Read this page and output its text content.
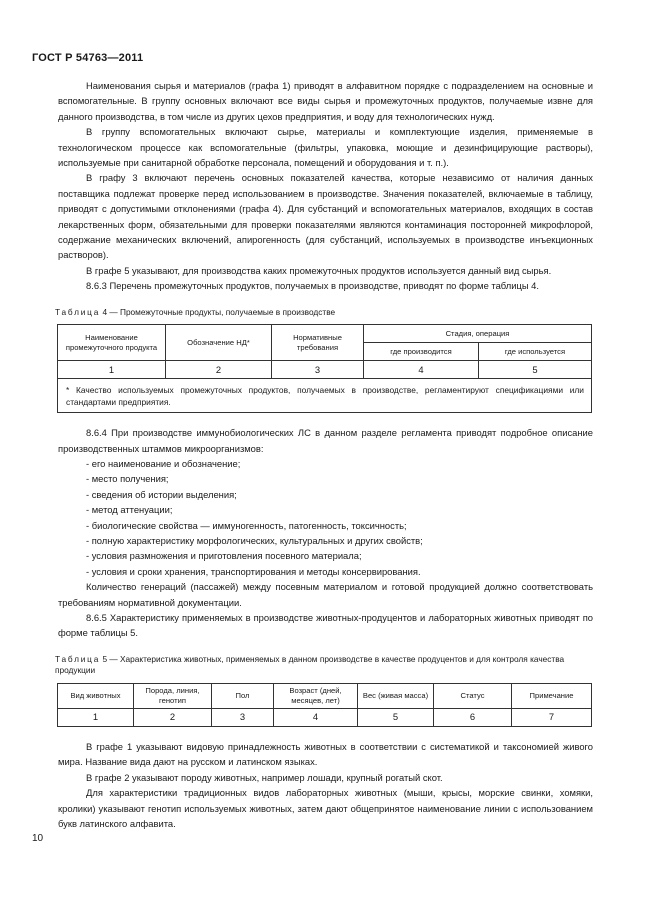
ГОСТ Р 54763—2011

Наименования сырья и материалов (графа 1) приводят в алфавитном порядке с подразделением на основные и вспомогательные. В группу основных включают все виды сырья и промежуточных продуктов, получаемые извне для данного производства, в том числе из других цехов предприятия, и воду для технологических нужд.

В группу вспомогательных включают сырье, материалы и комплектующие изделия, применяемые в технологическом процессе как вспомогательные (фильтры, упаковка, моющие и дезинфицирующие растворы), используемые при санитарной обработке персонала, помещений и оборудования и т. п.).

В графу 3 включают перечень основных показателей качества, которые независимо от наличия данных поставщика подлежат проверке перед использованием в производстве. Значения показателей, включаемые в таблицу, приводят с допустимыми отклонениями (графа 4). Для субстанций и вспомогательных материалов, входящих в состав лекарственных форм, обязательными для проверки показателями являются контаминация посторонней микрофлорой, содержание механических включений, апирогенность (для субстанций, используемых в производстве инъекционных растворов).

В графе 5 указывают, для производства каких промежуточных продуктов используется данный вид сырья.

8.6.3 Перечень промежуточных продуктов, получаемых в производстве, приводят по форме таблицы 4.

Таблица 4 — Промежуточные продукты, получаемые в производстве
Наименование промежуточного продукта	Обозначение НД*	Нормативные требования	Стадия, операция	
			где производится	где используется
1	2	3	4	5
* Качество используемых промежуточных продуктов, получаемых в производстве, регламентируют спецификациями или стандартами предприятия.				

8.6.4 При производстве иммунобиологических ЛС в данном разделе регламента приводят подробное описание производственных штаммов микроорганизмов:

- его наименование и обозначение;
- место получения;
- сведения об истории выделения;
- метод аттенуации;
- биологические свойства — иммуногенность, патогенность, токсичность;
- полную характеристику морфологических, культуральных и других свойств;
- условия размножения и приготовления посевного материала;
- условия и сроки хранения, транспортирования и методы консервирования.

Количество генераций (пассажей) между посевным материалом и готовой продукцией должно соответствовать требованиям нормативной документации.

8.6.5 Характеристику применяемых в производстве животных-продуцентов и лабораторных животных приводят по форме таблицы 5.

Таблица 5 — Характеристика животных, применяемых в данном производстве в качестве продуцентов и для контроля качества продукции
Вид животных	Порода, линия, генотип	Пол	Возраст (дней, месяцев, лет)	Вес (живая масса)	Статус	Примечание
1	2	3	4	5	6	7

В графе 1 указывают видовую принадлежность животных в соответствии с систематикой и таксономией живого мира. Название вида дают на русском и латинском языках.

В графе 2 указывают породу животных, например лошади, крупный рогатый скот.

Для характеристики традиционных видов лабораторных животных (мыши, крысы, морские свинки, хомяки, кролики) указывают генотип используемых животных, затем дают общепринятое наименование линии с использованием букв латинского алфавита.

10
